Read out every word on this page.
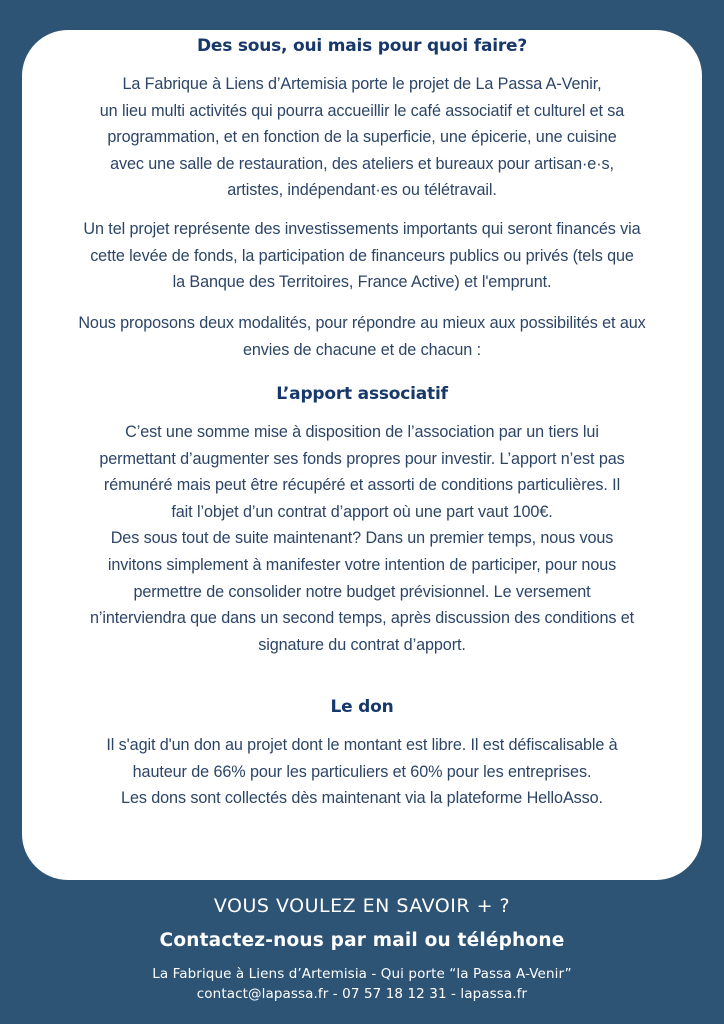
Des sous, oui mais pour quoi faire?

La Fabrique à Liens d’Artemisia porte le projet de La Passa A-Venir,
un lieu multi activités qui pourra accueillir le café associatif et culturel et sa
programmation, et en fonction de la superficie, une épicerie, une cuisine
avec une salle de restauration, des ateliers et bureaux pour artisan·e·s,
artistes, indépendant·es ou télétravail.

Un tel projet représente des investissements importants qui seront financés via
cette levée de fonds, la participation de financeurs publics ou privés (tels que
la Banque des Territoires, France Active) et l'emprunt.

Nous proposons deux modalités, pour répondre au mieux aux possibilités et aux
envies de chacune et de chacun :

L’apport associatif

C’est une somme mise à disposition de l’association par un tiers lui
permettant d’augmenter ses fonds propres pour investir. L’apport n’est pas
rémunéré mais peut être récupéré et assorti de conditions particulières. Il
fait l’objet d’un contrat d’apport où une part vaut 100€.
Des sous tout de suite maintenant? Dans un premier temps, nous vous
invitons simplement à manifester votre intention de participer, pour nous
permettre de consolider notre budget prévisionnel. Le versement
n’interviendra que dans un second temps, après discussion des conditions et
signature du contrat d’apport.

Le don

Il s'agit d'un don au projet dont le montant est libre. Il est défiscalisable à
hauteur de 66% pour les particuliers et 60% pour les entreprises.
Les dons sont collectés dès maintenant via la plateforme HelloAsso.

VOUS VOULEZ EN SAVOIR + ?
Contactez-nous par mail ou téléphone
La Fabrique à Liens d’Artemisia - Qui porte “la Passa A-Venir”
contact@lapassa.fr - 07 57 18 12 31 - lapassa.fr
